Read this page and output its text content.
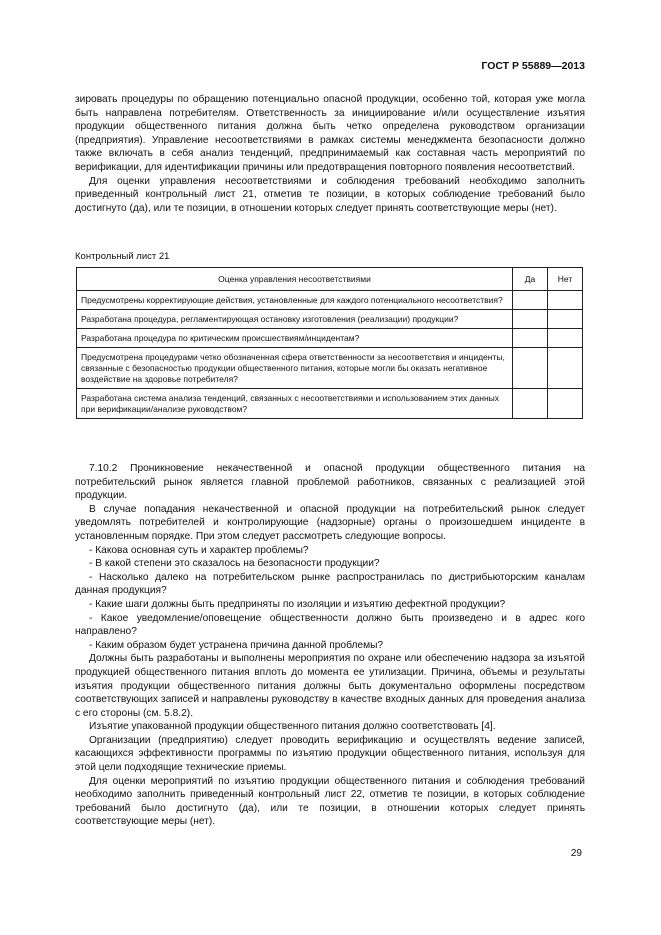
ГОСТ Р 55889—2013

зировать процедуры по обращению потенциально опасной продукции, особенно той, которая уже могла быть направлена потребителям. Ответственность за инициирование и/или осуществление изъятия продукции общественного питания должна быть четко определена руководством организации (предприятия). Управление несоответствиями в рамках системы менеджмента безопасности должно также включать в себя анализ тенденций, предпринимаемый как составная часть мероприятий по верификации, для идентификации причины или предотвращения повторного появления несоответствий.

Для оценки управления несоответствиями и соблюдения требований необходимо заполнить приведенный контрольный лист 21, отметив те позиции, в которых соблюдение требований было достигнуто (да), или те позиции, в отношении которых следует принять соответствующие меры (нет).

Контрольный лист 21
Оценка управления несоответствиями	Да	Нет
Предусмотрены корректирующие действия, установленные для каждого потенциального несоответствия?		
Разработана процедура, регламентирующая остановку изготовления (реализации) продукции?		
Разработана процедура по критическим происшествиям/инцидентам?		
Предусмотрена процедурами четко обозначенная сфера ответственности за несоответствия и инциденты, связанные с безопасностью продукции общественного питания, которые могли бы оказать негативное воздействие на здоровье потребителя?		
Разработана система анализа тенденций, связанных с несоответствиями и использованием этих данных при верификации/анализе руководством?		

7.10.2 Проникновение некачественной и опасной продукции общественного питания на потребительский рынок является главной проблемой работников, связанных с реализацией этой продукции.

В случае попадания некачественной и опасной продукции на потребительский рынок следует уведомлять потребителей и контролирующие (надзорные) органы о произошедшем инциденте в установленным порядке. При этом следует рассмотреть следующие вопросы.

- Какова основная суть и характер проблемы?

- В какой степени это сказалось на безопасности продукции?

- Насколько далеко на потребительском рынке распространилась по дистрибьюторским каналам данная продукция?

- Какие шаги должны быть предприняты по изоляции и изъятию дефектной продукции?

- Какое уведомление/оповещение общественности должно быть произведено и в адрес кого направлено?

- Каким образом будет устранена причина данной проблемы?

Должны быть разработаны и выполнены мероприятия по охране или обеспечению надзора за изъятой продукцией общественного питания вплоть до момента ее утилизации. Причина, объемы и результаты изъятия продукции общественного питания должны быть документально оформлены посредством соответствующих записей и направлены руководству в качестве входных данных для проведения анализа с его стороны (см. 5.8.2).

Изъятие упакованной продукции общественного питания должно соответствовать [4].

Организации (предприятию) следует проводить верификацию и осуществлять ведение записей, касающихся эффективности программы по изъятию продукции общественного питания, используя для этой цели подходящие технические приемы.

Для оценки мероприятий по изъятию продукции общественного питания и соблюдения требований необходимо заполнить приведенный контрольный лист 22, отметив те позиции, в которых соблюдение требований было достигнуто (да), или те позиции, в отношении которых следует принять соответствующие меры (нет).

29
